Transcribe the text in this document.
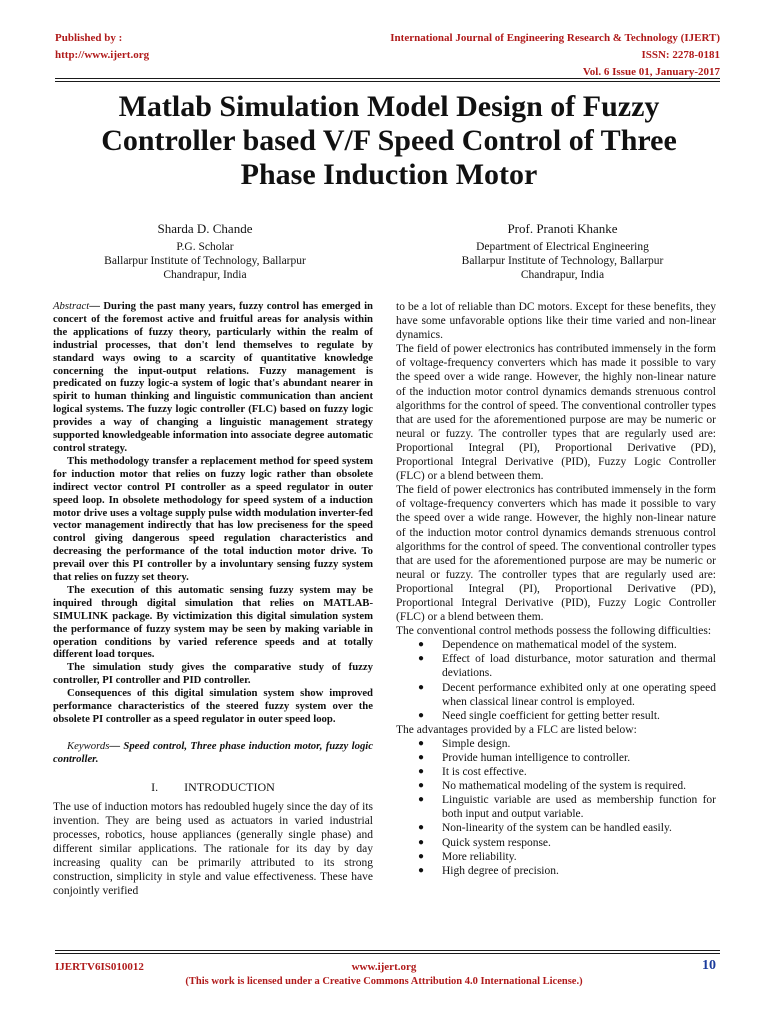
Published by :
http://www.ijert.org
International Journal of Engineering Research & Technology (IJERT)
ISSN: 2278-0181
Vol. 6 Issue 01, January-2017
Matlab Simulation Model Design of Fuzzy Controller based V/F Speed Control of Three Phase Induction Motor
Sharda D. Chande
P.G. Scholar
Ballarpur Institute of Technology, Ballarpur
Chandrapur, India
Prof. Pranoti Khanke
Department of Electrical Engineering
Ballarpur Institute of Technology, Ballarpur
Chandrapur, India

Abstract— During the past many years, fuzzy control has emerged in concert of the foremost active and fruitful areas for analysis within the applications of fuzzy theory, particularly within the realm of industrial processes, that don't lend themselves to regulate by standard ways owing to a scarcity of quantitative knowledge concerning the input-output relations. Fuzzy management is predicated on fuzzy logic-a system of logic that's abundant nearer in spirit to human thinking and linguistic communication than ancient logical systems. The fuzzy logic controller (FLC) based on fuzzy logic provides a way of changing a linguistic management strategy supported knowledgeable information into associate degree automatic control strategy.

This methodology transfer a replacement method for speed system for induction motor that relies on fuzzy logic rather than obsolete indirect vector control PI controller as a speed regulator in outer speed loop. In obsolete methodology for speed system of a induction motor drive uses a voltage supply pulse width modulation inverter-fed vector management indirectly that has low preciseness for the speed control giving dangerous speed regulation characteristics and decreasing the performance of the total induction motor drive. To prevail over this PI controller by a involuntary sensing fuzzy system that relies on fuzzy set theory.

The execution of this automatic sensing fuzzy system may be inquired through digital simulation that relies on MATLAB-SIMULINK package. By victimization this digital simulation system the performance of fuzzy system may be seen by making variable in operation conditions by varied reference speeds and at totally different load torques.

The simulation study gives the comparative study of fuzzy controller, PI controller and PID controller.

Consequences of this digital simulation system show improved performance characteristics of the steered fuzzy system over the obsolete PI controller as a speed regulator in outer speed loop.

Keywords— Speed control, Three phase induction motor, fuzzy logic controller.

I. INTRODUCTION

The use of induction motors has redoubled hugely since the day of its invention. They are being used as actuators in varied industrial processes, robotics, house appliances (generally single phase) and different similar applications. The rationale for its day by day increasing quality can be primarily attributed to its strong construction, simplicity in style and value effectiveness. These have conjointly verified

to be a lot of reliable than DC motors. Except for these benefits, they have some unfavorable options like their time varied and non-linear dynamics.

The field of power electronics has contributed immensely in the form of voltage-frequency converters which has made it possible to vary the speed over a wide range. However, the highly non-linear nature of the induction motor control dynamics demands strenuous control algorithms for the control of speed. The conventional controller types that are used for the aforementioned purpose are may be numeric or neural or fuzzy. The controller types that are regularly used are: Proportional Integral (PI), Proportional Derivative (PD), Proportional Integral Derivative (PID), Fuzzy Logic Controller (FLC) or a blend between them.

The field of power electronics has contributed immensely in the form of voltage-frequency converters which has made it possible to vary the speed over a wide range. However, the highly non-linear nature of the induction motor control dynamics demands strenuous control algorithms for the control of speed. The conventional controller types that are used for the aforementioned purpose are may be numeric or neural or fuzzy. The controller types that are regularly used are: Proportional Integral (PI), Proportional Derivative (PD), Proportional Integral Derivative (PID), Fuzzy Logic Controller (FLC) or a blend between them.

The conventional control methods possess the following difficulties:

● Dependence on mathematical model of the system.
● Effect of load disturbance, motor saturation and thermal deviations.
● Decent performance exhibited only at one operating speed when classical linear control is employed.
● Need single coefficient for getting better result.

The advantages provided by a FLC are listed below:

● Simple design.
● Provide human intelligence to controller.
● It is cost effective.
● No mathematical modeling of the system is required.
● Linguistic variable are used as membership function for both input and output variable.
● Non-linearity of the system can be handled easily.
● Quick system response.
● More reliability.
● High degree of precision.
IJERTV6IS010012	www.ijert.org	10
(This work is licensed under a Creative Commons Attribution 4.0 International License.)
